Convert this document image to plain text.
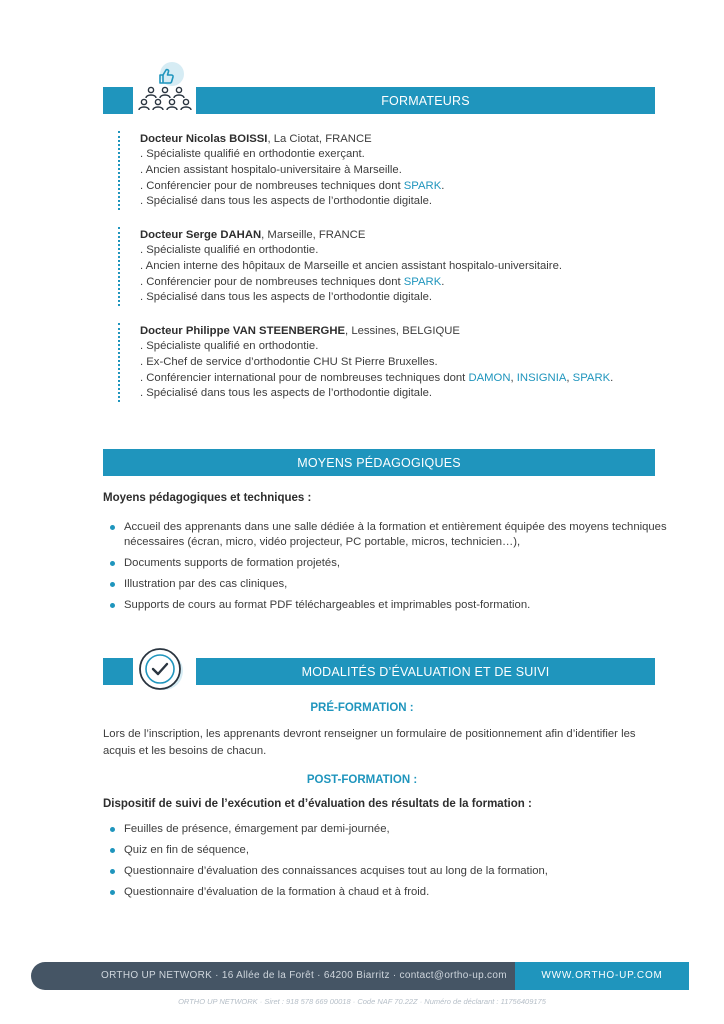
FORMATEURS
Docteur Nicolas BOISSI, La Ciotat, FRANCE
. Spécialiste qualifié en orthodontie exerçant.
. Ancien assistant hospitalo-universitaire à Marseille.
. Conférencier pour de nombreuses techniques dont SPARK.
. Spécialisé dans tous les aspects de l’orthodontie digitale.
Docteur Serge DAHAN, Marseille, FRANCE
. Spécialiste qualifié en orthodontie.
. Ancien interne des hôpitaux de Marseille et ancien assistant hospitalo-universitaire.
. Conférencier pour de nombreuses techniques dont SPARK.
. Spécialisé dans tous les aspects de l’orthodontie digitale.
Docteur Philippe VAN STEENBERGHE, Lessines, BELGIQUE
. Spécialiste qualifié en orthodontie.
. Ex-Chef de service d’orthodontie CHU St Pierre Bruxelles.
. Conférencier international pour de nombreuses techniques dont DAMON, INSIGNIA, SPARK.
. Spécialisé dans tous les aspects de l’orthodontie digitale.
MOYENS PÉDAGOGIQUES
Moyens pédagogiques et techniques :
Accueil des apprenants dans une salle dédiée à la formation et entièrement équipée des moyens techniques nécessaires (écran, micro, vidéo projecteur, PC portable, micros, technicien…),
Documents supports de formation projetés,
Illustration par des cas cliniques,
Supports de cours au format PDF téléchargeables et imprimables post-formation.
MODALITÉS D’ÉVALUATION ET DE SUIVI
PRÉ-FORMATION :
Lors de l’inscription, les apprenants devront renseigner un formulaire de positionnement afin d’identifier les acquis et les besoins de chacun.
POST-FORMATION :
Dispositif de suivi de l’exécution et d’évaluation des résultats de la formation :
Feuilles de présence, émargement par demi-journée,
Quiz en fin de séquence,
Questionnaire d’évaluation des connaissances acquises tout au long de la formation,
Questionnaire d’évaluation de la formation à chaud et à froid.
ORTHO UP NETWORK · 16 Allée de la Forêt · 64200 Biarritz · contact@ortho-up.com	WWW.ORTHO-UP.COM
ORTHO UP NETWORK · Siret : 918 578 669 00018 · Code NAF 70.22Z · Numéro de déclarant : 11756409175
